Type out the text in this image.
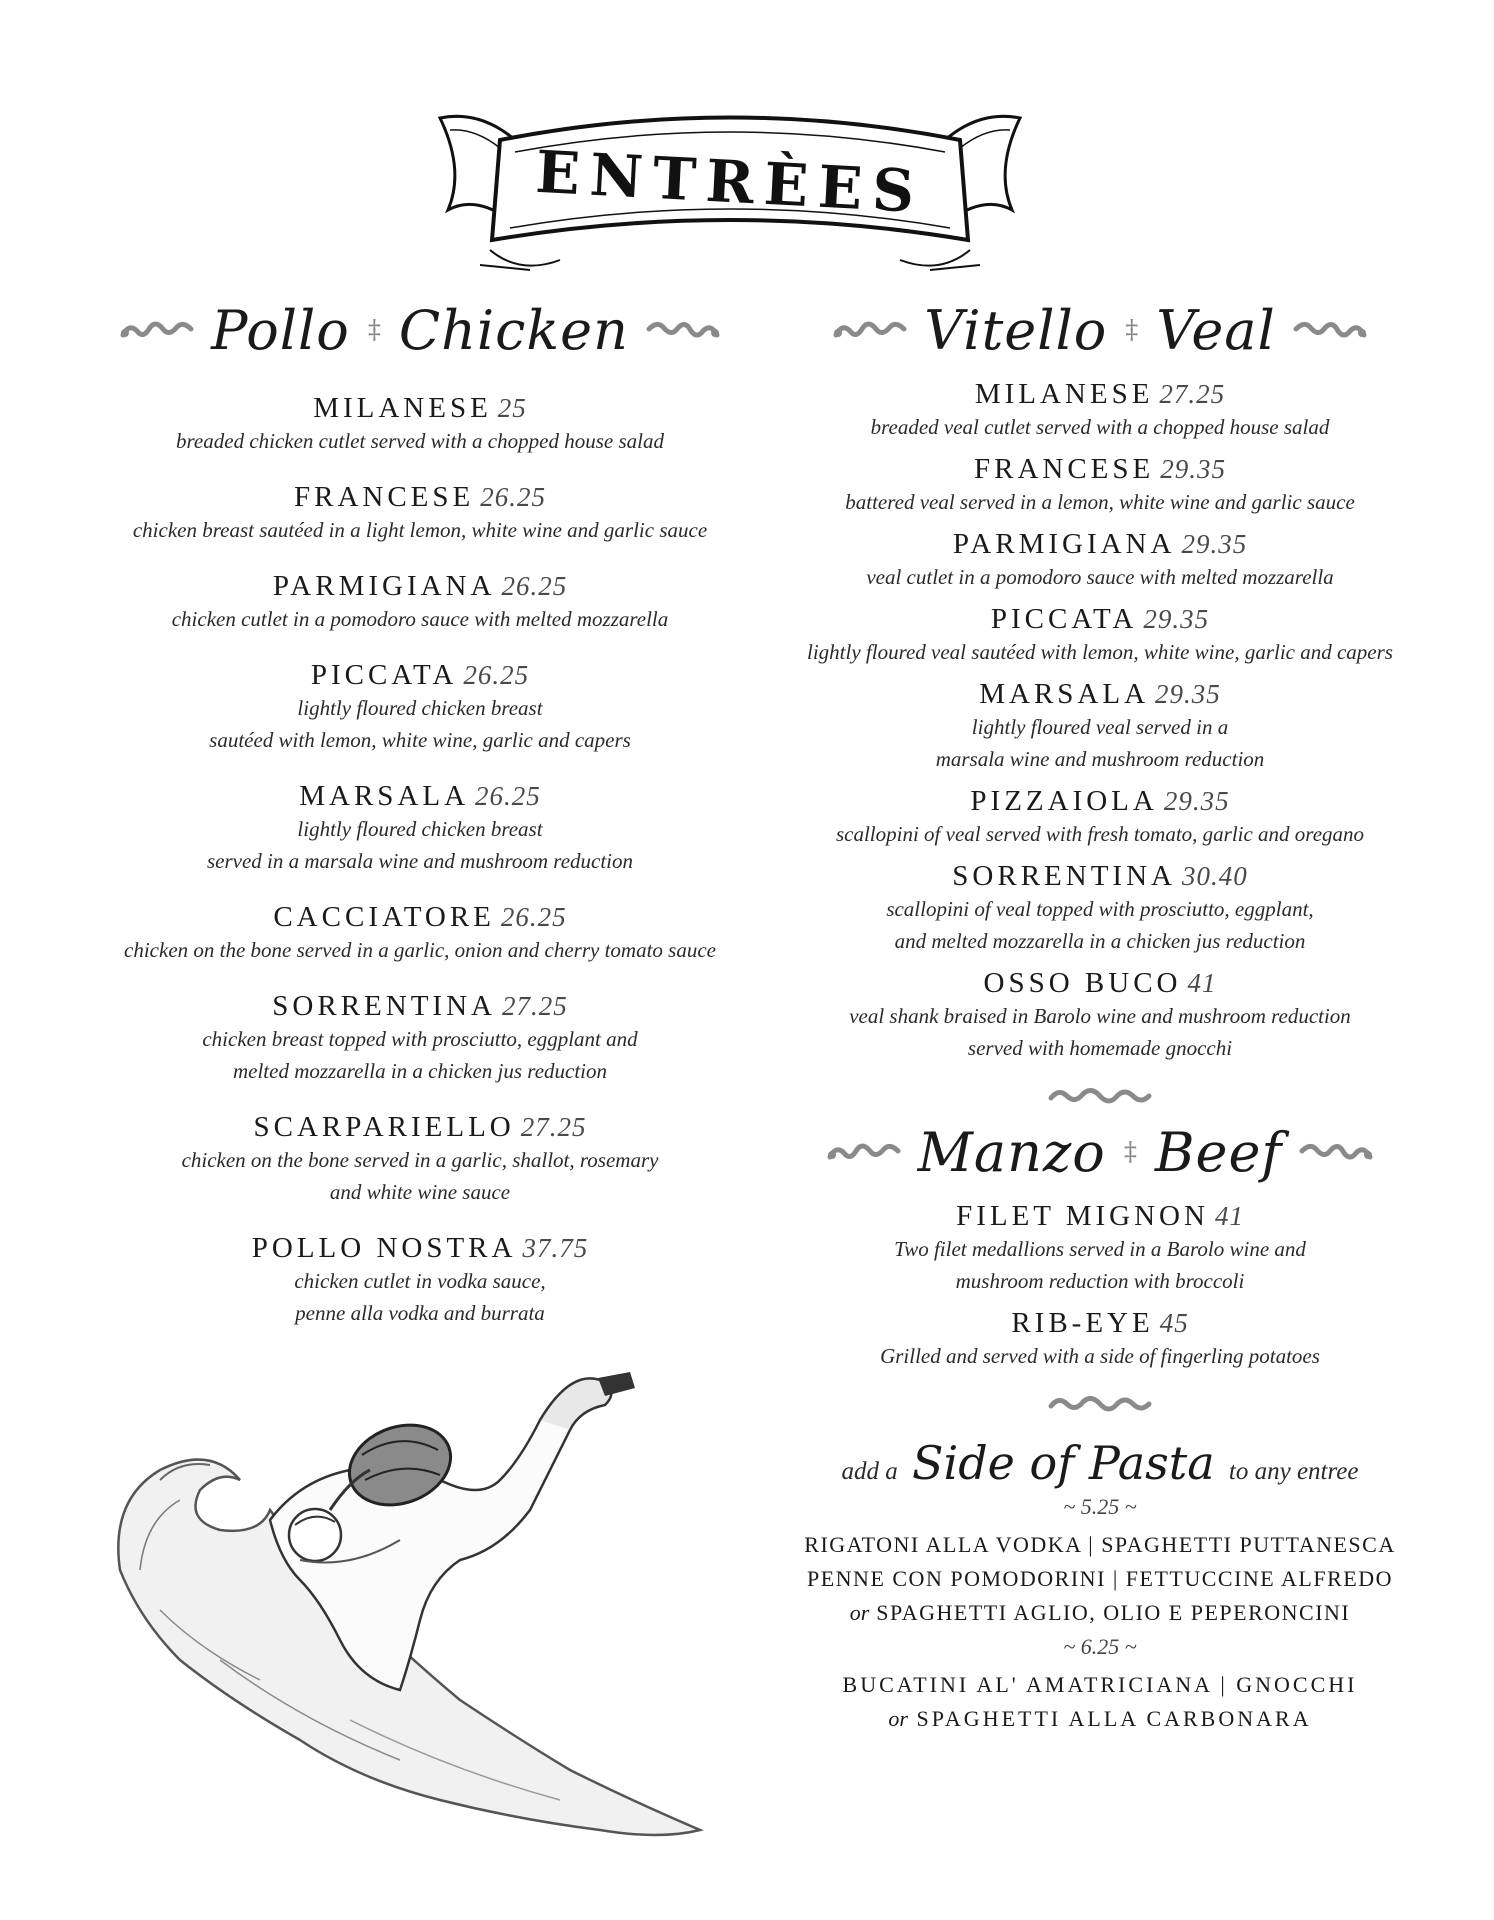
ENTRÈES
Pollo ‡ Chicken
MILANESE 25
breaded chicken cutlet served with a chopped house salad
FRANCESE 26.25
chicken breast sautéed in a light lemon, white wine and garlic sauce
PARMIGIANA 26.25
chicken cutlet in a pomodoro sauce with melted mozzarella
PICCATA 26.25
lightly floured chicken breast
sautéed with lemon, white wine, garlic and capers
MARSALA 26.25
lightly floured chicken breast
served in a marsala wine and mushroom reduction
CACCIATORE 26.25
chicken on the bone served in a garlic, onion and cherry tomato sauce
SORRENTINA 27.25
chicken breast topped with prosciutto, eggplant and
melted mozzarella in a chicken jus reduction
SCARPARIELLO 27.25
chicken on the bone served in a garlic, shallot, rosemary
and white wine sauce
POLLO NOSTRA 37.75
chicken cutlet in vodka sauce,
penne alla vodka and burrata
Vitello ‡ Veal
MILANESE 27.25
breaded veal cutlet served with a chopped house salad
FRANCESE 29.35
battered veal served in a lemon, white wine and garlic sauce
PARMIGIANA 29.35
veal cutlet in a pomodoro sauce with melted mozzarella
PICCATA 29.35
lightly floured veal sautéed with lemon, white wine, garlic and capers
MARSALA 29.35
lightly floured veal served in a
marsala wine and mushroom reduction
PIZZAIOLA 29.35
scallopini of veal served with fresh tomato, garlic and oregano
SORRENTINA 30.40
scallopini of veal topped with prosciutto, eggplant,
and melted mozzarella in a chicken jus reduction
OSSO BUCO 41
veal shank braised in Barolo wine and mushroom reduction
served with homemade gnocchi
Manzo ‡ Beef
FILET MIGNON 41
Two filet medallions served in a Barolo wine and
mushroom reduction with broccoli
RIB-EYE 45
Grilled and served with a side of fingerling potatoes
add a Side of Pasta to any entree
~ 5.25 ~
RIGATONI ALLA VODKA | SPAGHETTI PUTTANESCA
PENNE CON POMODORINI | FETTUCCINE ALFREDO
or SPAGHETTI AGLIO, OLIO E PEPERONCINI
~ 6.25 ~
BUCATINI AL' AMATRICIANA | GNOCCHI
or SPAGHETTI ALLA CARBONARA
